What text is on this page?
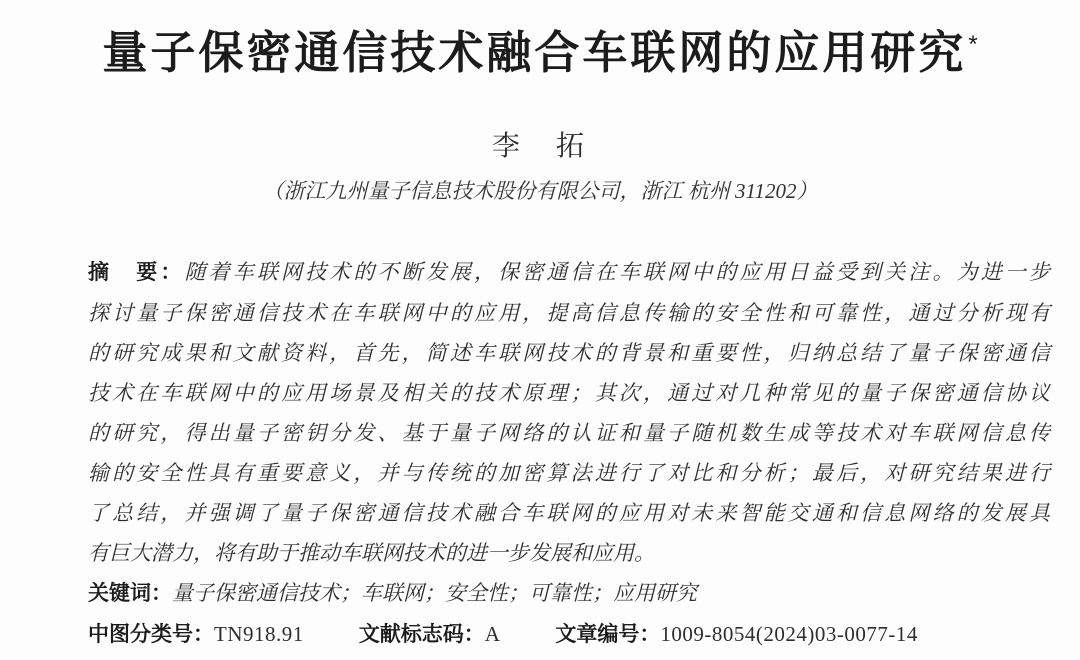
量子保密通信技术融合车联网的应用研究*
李　拓
（浙江九州量子信息技术股份有限公司，浙江 杭州 311202）
摘　要：随着车联网技术的不断发展，保密通信在车联网中的应用日益受到关注。为进一步
探讨量子保密通信技术在车联网中的应用，提高信息传输的安全性和可靠性，通过分析现有
的研究成果和文献资料，首先，简述车联网技术的背景和重要性，归纳总结了量子保密通信
技术在车联网中的应用场景及相关的技术原理；其次，通过对几种常见的量子保密通信协议
的研究，得出量子密钥分发、基于量子网络的认证和量子随机数生成等技术对车联网信息传
输的安全性具有重要意义，并与传统的加密算法进行了对比和分析；最后，对研究结果进行
了总结，并强调了量子保密通信技术融合车联网的应用对未来智能交通和信息网络的发展具
有巨大潜力，将有助于推动车联网技术的进一步发展和应用。
关键词：量子保密通信技术；车联网；安全性；可靠性；应用研究
中图分类号：TN918.91	文献标志码：A	文章编号：1009-8054(2024)03-0077-14
